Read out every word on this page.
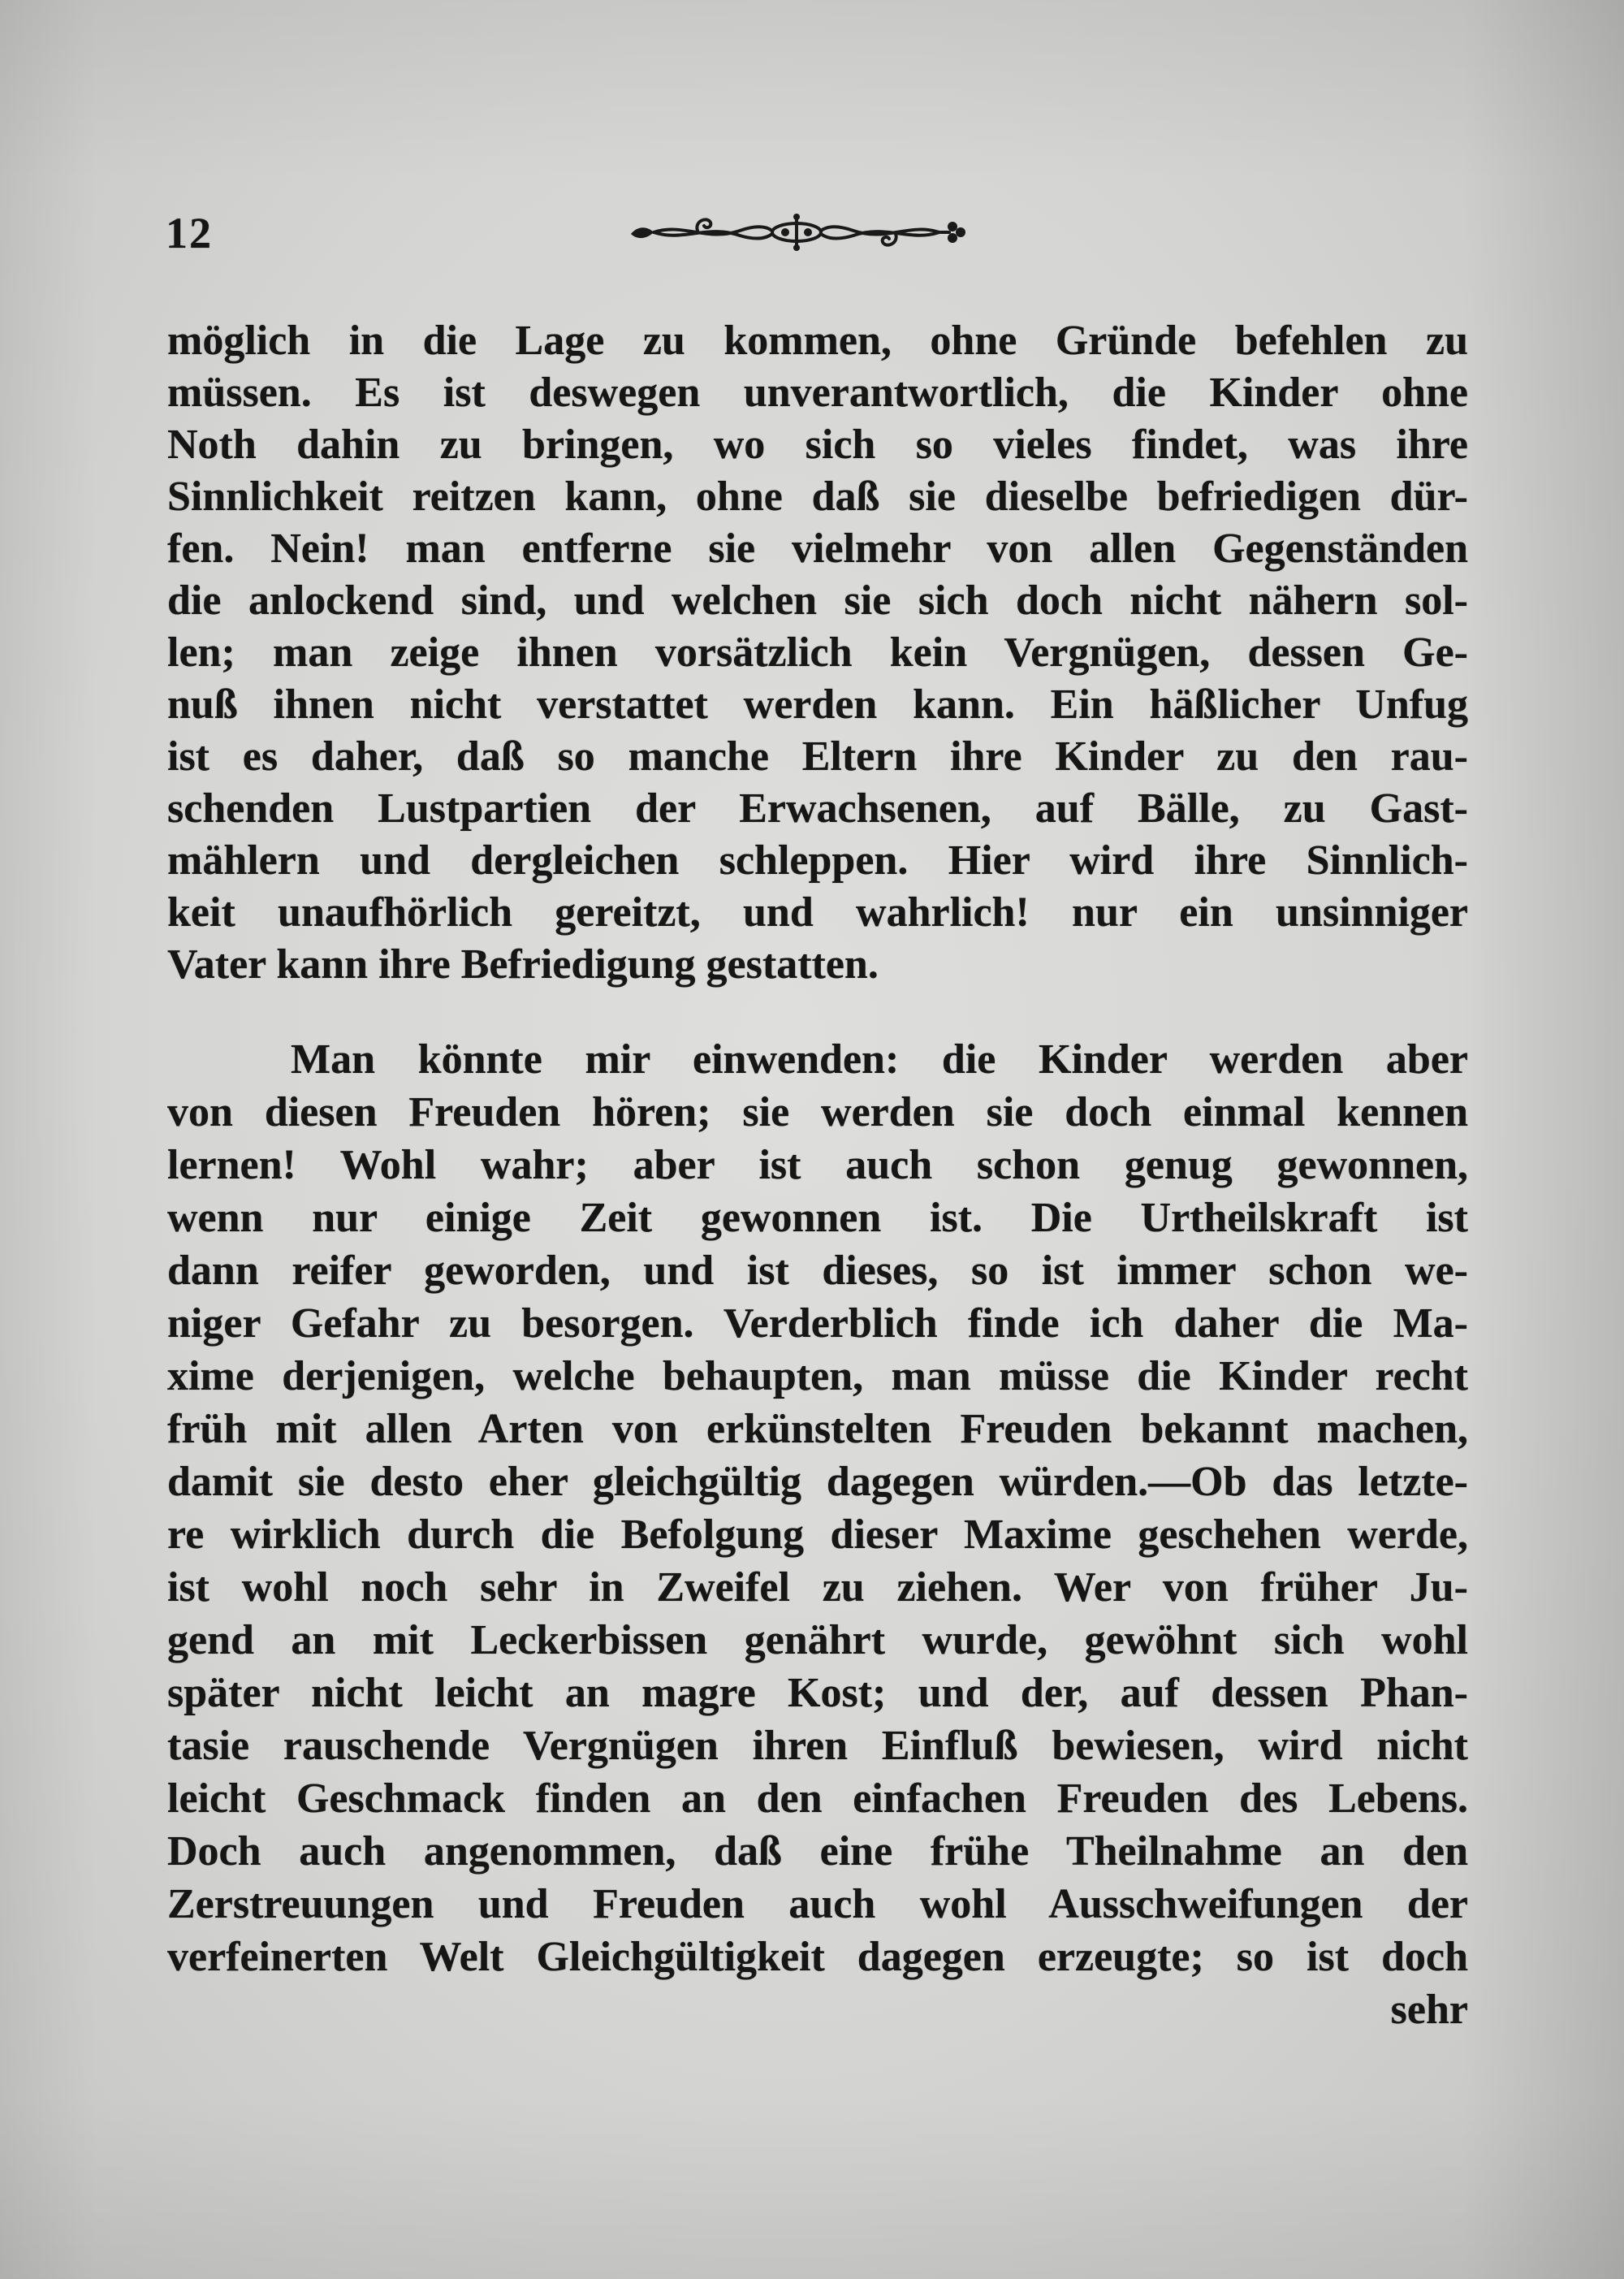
12
möglich in die Lage zu kommen, ohne Gründe befehlen zu
müssen. Es ist deswegen unverantwortlich, die Kinder ohne
Noth dahin zu bringen, wo sich so vieles findet, was ihre
Sinnlichkeit reitzen kann, ohne daß sie dieselbe befriedigen dür-
fen. Nein! man entferne sie vielmehr von allen Gegenständen
die anlockend sind, und welchen sie sich doch nicht nähern sol-
len; man zeige ihnen vorsätzlich kein Vergnügen, dessen Ge-
nuß ihnen nicht verstattet werden kann. Ein häßlicher Unfug
ist es daher, daß so manche Eltern ihre Kinder zu den rau-
schenden Lustpartien der Erwachsenen, auf Bälle, zu Gast-
mählern und dergleichen schleppen. Hier wird ihre Sinnlich-
keit unaufhörlich gereitzt, und wahrlich! nur ein unsinniger
Vater kann ihre Befriedigung gestatten.
Man könnte mir einwenden: die Kinder werden aber
von diesen Freuden hören; sie werden sie doch einmal kennen
lernen! Wohl wahr; aber ist auch schon genug gewonnen,
wenn nur einige Zeit gewonnen ist. Die Urtheilskraft ist
dann reifer geworden, und ist dieses, so ist immer schon we-
niger Gefahr zu besorgen. Verderblich finde ich daher die Ma-
xime derjenigen, welche behaupten, man müsse die Kinder recht
früh mit allen Arten von erkünstelten Freuden bekannt machen,
damit sie desto eher gleichgültig dagegen würden.—Ob das letzte-
re wirklich durch die Befolgung dieser Maxime geschehen werde,
ist wohl noch sehr in Zweifel zu ziehen. Wer von früher Ju-
gend an mit Leckerbissen genährt wurde, gewöhnt sich wohl
später nicht leicht an magre Kost; und der, auf dessen Phan-
tasie rauschende Vergnügen ihren Einfluß bewiesen, wird nicht
leicht Geschmack finden an den einfachen Freuden des Lebens.
Doch auch angenommen, daß eine frühe Theilnahme an den
Zerstreuungen und Freuden auch wohl Ausschweifungen der
verfeinerten Welt Gleichgültigkeit dagegen erzeugte; so ist doch
sehr
